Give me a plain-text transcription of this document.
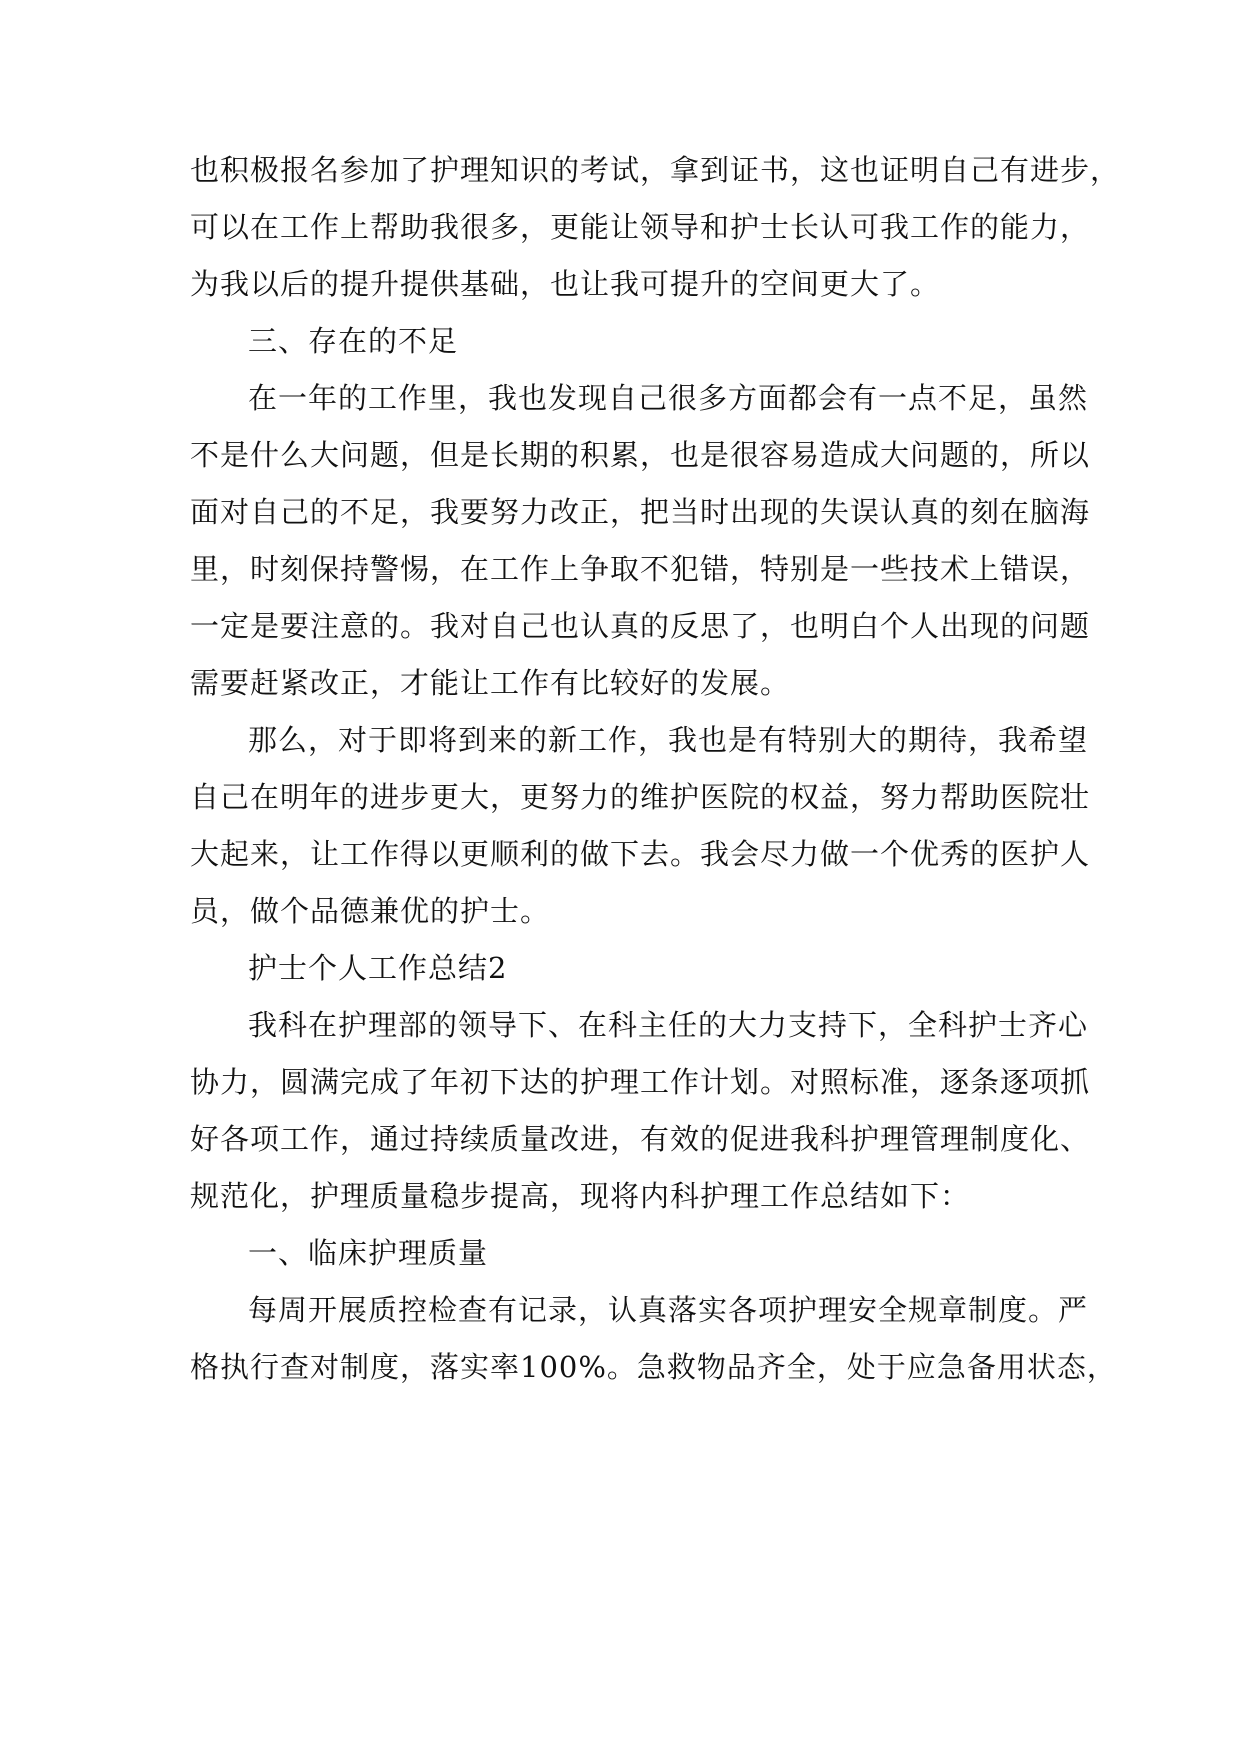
也积极报名参加了护理知识的考试，拿到证书，这也证明自己有进步，
可以在工作上帮助我很多，更能让领导和护士长认可我工作的能力，
为我以后的提升提供基础，也让我可提升的空间更大了。
三、存在的不足
在一年的工作里，我也发现自己很多方面都会有一点不足，虽然
不是什么大问题，但是长期的积累，也是很容易造成大问题的，所以
面对自己的不足，我要努力改正，把当时出现的失误认真的刻在脑海
里，时刻保持警惕，在工作上争取不犯错，特别是一些技术上错误，
一定是要注意的。我对自己也认真的反思了，也明白个人出现的问题
需要赶紧改正，才能让工作有比较好的发展。
那么，对于即将到来的新工作，我也是有特别大的期待，我希望
自己在明年的进步更大，更努力的维护医院的权益，努力帮助医院壮
大起来，让工作得以更顺利的做下去。我会尽力做一个优秀的医护人
员，做个品德兼优的护士。
护士个人工作总结2
我科在护理部的领导下、在科主任的大力支持下，全科护士齐心
协力，圆满完成了年初下达的护理工作计划。对照标准，逐条逐项抓
好各项工作，通过持续质量改进，有效的促进我科护理管理制度化、
规范化，护理质量稳步提高，现将内科护理工作总结如下：
一、临床护理质量
每周开展质控检查有记录，认真落实各项护理安全规章制度。严
格执行查对制度，落实率100%。急救物品齐全，处于应急备用状态，
